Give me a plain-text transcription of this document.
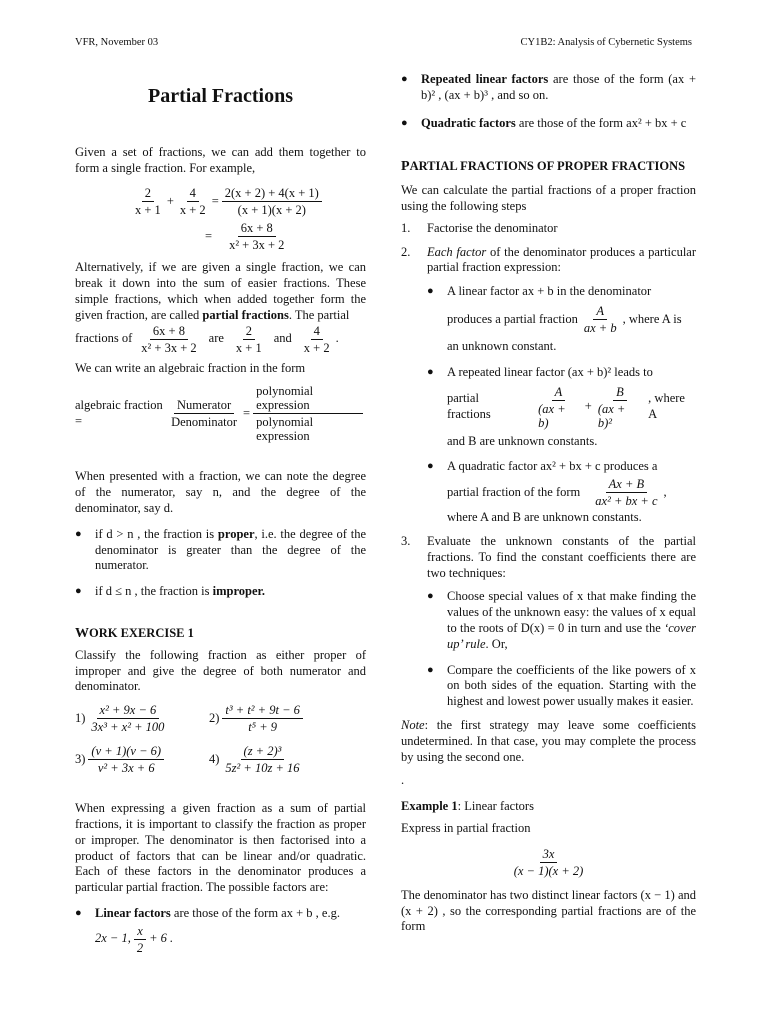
VFR, November 03	CY1B2: Analysis of Cybernetic Systems
Partial Fractions

Given a set of fractions, we can add them together to form a single fraction. For example,

$\frac{2}{x + 1} + \frac{4}{x + 2} = \frac{2(x + 2) + 4(x + 1)}{(x + 1)(x + 2)}$
= $\frac{6x + 8}{\text{x² + 3x + 2}}$

Alternatively, if we are given a single fraction, we can break it down into the sum of easier fractions. These simple fractions, which when added together form the given fraction, are called partial fractions. The partial

fractions of $\frac{6x + 8}{\text{x² + 3x + 2}}$ are $\frac{2}{x + 1}$ and $\frac{4}{x + 2}$ .

We can write an algebraic fraction in the form

algebraic fraction =	$\frac{\text{Numerator}}{\text{Denominator}} = \frac{\text{polynomial expression}}{\text{polynomial expression}}$

When presented with a fraction, we can note the degree of the numerator, say n, and the degree of the denominator, say d.

●	if d > n , the fraction is proper, i.e. the degree of the denominator is greater than the degree of the numerator.

●	if d ≤ n , the fraction is improper.

WORK EXERCISE 1

Classify the following fraction as either proper of improper and give the degree of both numerator and denominator.

$1) \frac{\text{x² + 9x − 6}}{\text{3x³ + x² + 100}}$	$2) \frac{\text{t³ + t² + 9t − 6}}{\text{t⁵ + 9}}$
$3) \frac{(v + 1)(v - 6)}{\text{v² + 3x + 6}}$	$4) \frac{\text{(z + 2)³}}{\text{5z² + 10z + 16}}$

When expressing a given fraction as a sum of partial fractions, it is important to classify the fraction as proper or improper. The denominator is then factorised into a product of factors that can be linear and/or quadratic. Each of these factors in the denominator produces a particular partial fraction. The possible factors are:

●	Linear factors are those of the form ax + b , e.g.

2x − 1, $\frac{x}{2} + 6$ .
●	Repeated linear factors are those of the form (ax + b)² , (ax + b)³ , and so on.

●	Quadratic factors are those of the form ax² + bx + c

PARTIAL FRACTIONS OF PROPER FRACTIONS

We can calculate the partial fractions of a proper fraction using the following steps

1.	Factorise the denominator

2.	Each factor of the denominator produces a particular partial fraction expression:

●	A linear factor ax + b in the denominator

produces a partial fraction $\frac{A}{ax + b}$ , where A is

an unknown constant.

●	A repeated linear factor (ax + b)² leads to

partial fractions	$\frac{A}{(ax + b)} + \frac{B}{\text{(ax + b)²}}$ , where A

and B are unknown constants.

●	A quadratic factor ax² + bx + c produces a

partial fraction of the form $\frac{Ax + B}{\text{ax² + bx + c}}$ ,

where A and B are unknown constants.

3.	Evaluate the unknown constants of the partial fractions. To find the constant coefficients there are two techniques:

●	Choose special values of x that make finding the values of the unknown easy: the values of x equal to the roots of D(x) = 0 in turn and use the ‘cover up’ rule. Or,

●	Compare the coefficients of the like powers of x on both sides of the equation. Starting with the highest and lowest power usually makes it easier.

Note: the first strategy may leave some coefficients undetermined. In that case, you may complete the process by using the second one.

.

Example 1: Linear factors

Express in partial fraction

$\frac{3x}{(x - 1)(x + 2)}$

The denominator has two distinct linear factors (x − 1) and (x + 2) , so the corresponding partial fractions are of the form
